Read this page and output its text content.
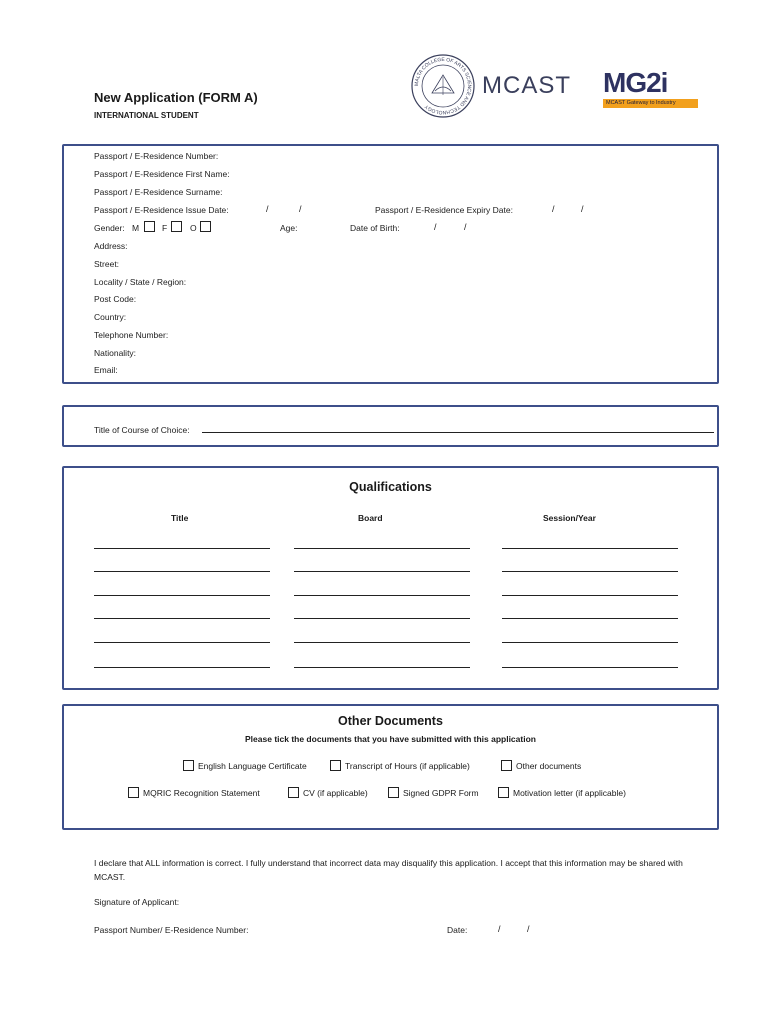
New Application (FORM A)
INTERNATIONAL STUDENT
MALTA COLLEGE OF ARTS SCIENCE AND TECHNOLOGY
MCAST MG2i
MCAST Gateway to Industry
Passport / E-Residence Number:
Passport / E-Residence First Name:
Passport / E-Residence Surname:
Passport / E-Residence Issue Date:	/	/	Passport / E-Residence Expiry Date:	/	/
Gender: M	F	O	Age:	Date of Birth:	/	/
Address:
Street:
Locality / State / Region:
Post Code:
Country:
Telephone Number:
Nationality:
Email:
Title of Course of Choice:
Qualifications
Title	Board	Session/Year
Other Documents
Please tick the documents that you have submitted with this application
English Language Certificate	Transcript of Hours (if applicable)	Other documents
MQRIC Recognition Statement	CV (if applicable)	Signed GDPR Form	Motivation letter (if applicable)
I declare that ALL information is correct. I fully understand that incorrect data may disqualify this application. I accept that this information may be shared with MCAST.
Signature of Applicant:
Passport Number/ E-Residence Number:	Date:	/	/
